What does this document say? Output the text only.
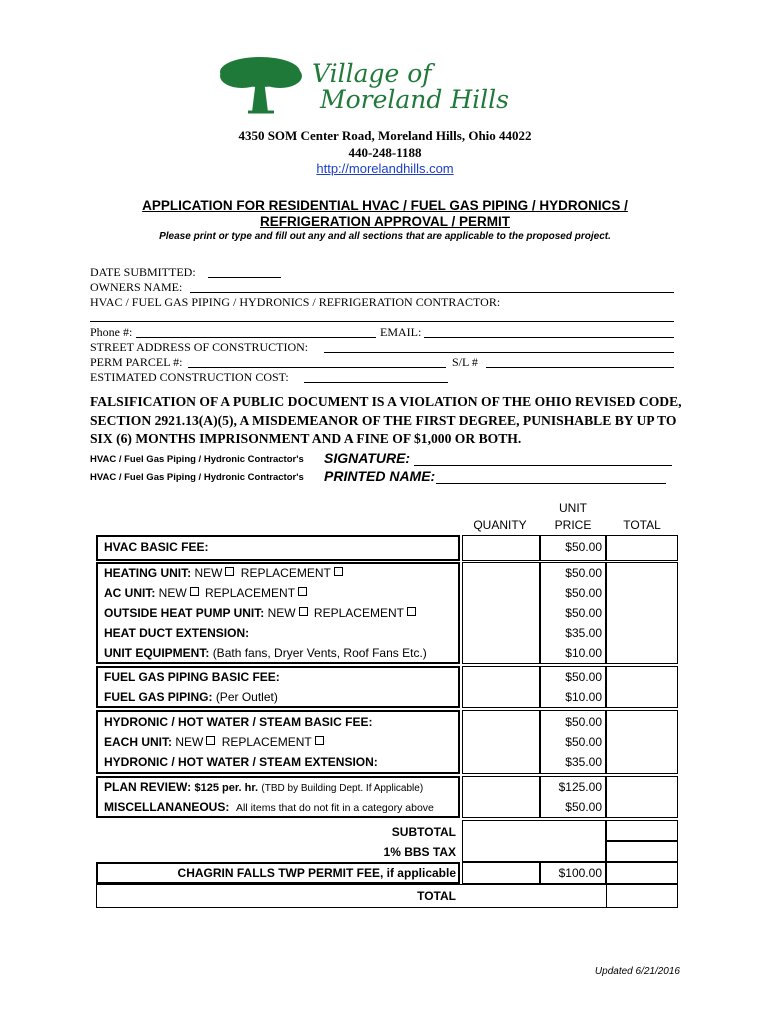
Village of
Moreland Hills
4350 SOM Center Road, Moreland Hills, Ohio 44022
440-248-1188
http://morelandhills.com
APPLICATION FOR RESIDENTIAL HVAC / FUEL GAS PIPING / HYDRONICS /
REFRIGERATION APPROVAL / PERMIT
Please print or type and fill out any and all sections that are applicable to the proposed project.
DATE SUBMITTED:
OWNERS NAME:
HVAC / FUEL GAS PIPING / HYDRONICS / REFRIGERATION CONTRACTOR:
Phone #:	EMAIL:
STREET ADDRESS OF CONSTRUCTION:
PERM PARCEL #:	S/L #
ESTIMATED CONSTRUCTION COST:
FALSIFICATION OF A PUBLIC DOCUMENT IS A VIOLATION OF THE OHIO REVISED CODE, SECTION 2921.13(A)(5), A MISDEMEANOR OF THE FIRST DEGREE, PUNISHABLE BY UP TO SIX (6) MONTHS IMPRISONMENT AND A FINE OF $1,000 OR BOTH.
HVAC / Fuel Gas Piping / Hydronic Contractor's SIGNATURE:
HVAC / Fuel Gas Piping / Hydronic Contractor's PRINTED NAME:
QUANITY
UNIT
PRICE	TOTAL
HVAC BASIC FEE:	$50.00
HEATING UNIT: NEW REPLACEMENT	$50.00
AC UNIT: NEW REPLACEMENT	$50.00
OUTSIDE HEAT PUMP UNIT: NEW REPLACEMENT	$50.00
HEAT DUCT EXTENSION:	$35.00
UNIT EQUIPMENT: (Bath fans, Dryer Vents, Roof Fans Etc.)	$10.00
FUEL GAS PIPING BASIC FEE:	$50.00
FUEL GAS PIPING: (Per Outlet)	$10.00
HYDRONIC / HOT WATER / STEAM BASIC FEE:	$50.00
EACH UNIT: NEW REPLACEMENT	$50.00
HYDRONIC / HOT WATER / STEAM EXTENSION:	$35.00
PLAN REVIEW: $125 per. hr. (TBD by Building Dept. If Applicable)	$125.00
MISCELLANANEOUS: All items that do not fit in a category above	$50.00
SUBTOTAL
1% BBS TAX
CHAGRIN FALLS TWP PERMIT FEE, if applicable	$100.00
TOTAL
Updated 6/21/2016
